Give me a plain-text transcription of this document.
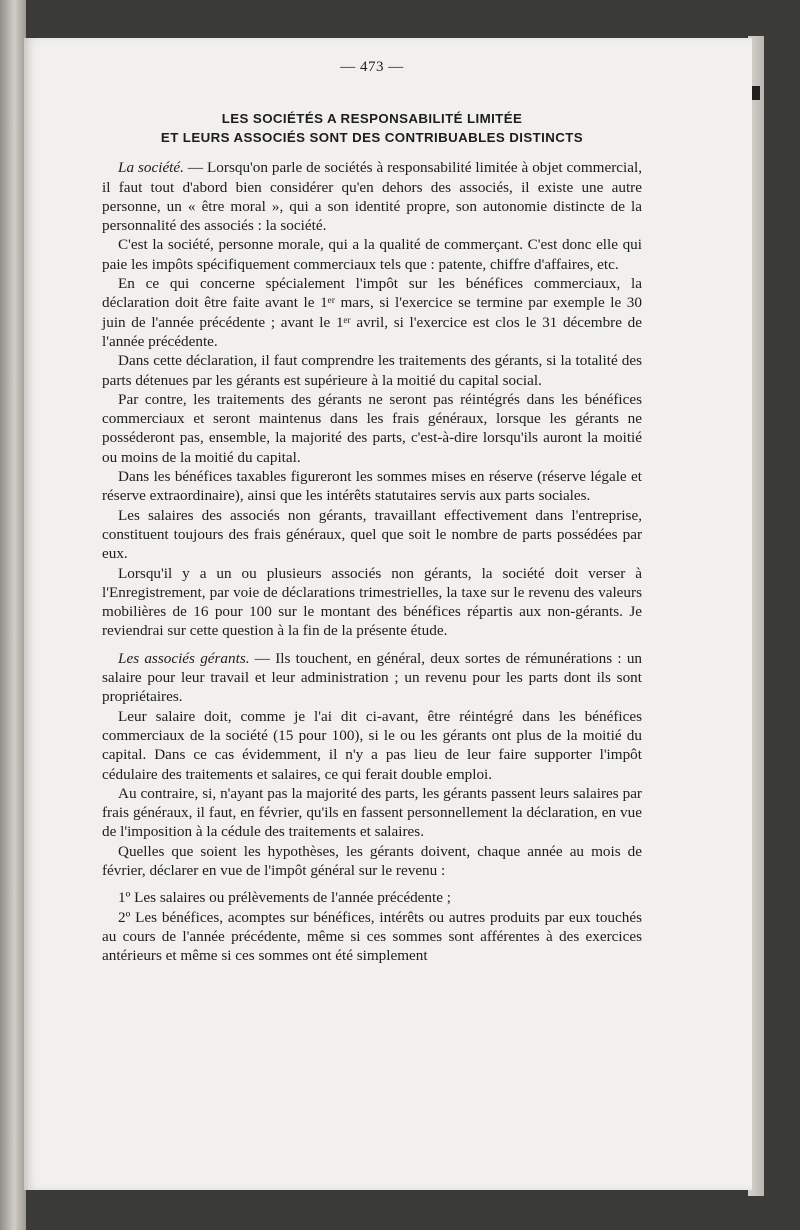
— 473 —
LES SOCIÉTÉS A RESPONSABILITÉ LIMITÉE
ET LEURS ASSOCIÉS SONT DES CONTRIBUABLES DISTINCTS

La société. — Lorsqu'on parle de sociétés à responsabilité limitée à objet commercial, il faut tout d'abord bien considérer qu'en dehors des associés, il existe une autre personne, un « être moral », qui a son identité propre, son autonomie distincte de la personnalité des associés : la société.

C'est la société, personne morale, qui a la qualité de commerçant. C'est donc elle qui paie les impôts spécifiquement commerciaux tels que : patente, chiffre d'affaires, etc.

En ce qui concerne spécialement l'impôt sur les bénéfices commerciaux, la déclaration doit être faite avant le 1ᵉʳ mars, si l'exercice se termine par exemple le 30 juin de l'année précédente ; avant le 1ᵉʳ avril, si l'exercice est clos le 31 décembre de l'année précédente.

Dans cette déclaration, il faut comprendre les traitements des gérants, si la totalité des parts détenues par les gérants est supérieure à la moitié du capital social.

Par contre, les traitements des gérants ne seront pas réintégrés dans les bénéfices commerciaux et seront maintenus dans les frais généraux, lorsque les gérants ne posséderont pas, ensemble, la majorité des parts, c'est-à-dire lorsqu'ils auront la moitié ou moins de la moitié du capital.

Dans les bénéfices taxables figureront les sommes mises en réserve (réserve légale et réserve extraordinaire), ainsi que les intérêts statutaires servis aux parts sociales.

Les salaires des associés non gérants, travaillant effectivement dans l'entreprise, constituent toujours des frais généraux, quel que soit le nombre de parts possédées par eux.

Lorsqu'il y a un ou plusieurs associés non gérants, la société doit verser à l'Enregistrement, par voie de déclarations trimestrielles, la taxe sur le revenu des valeurs mobilières de 16 pour 100 sur le montant des bénéfices répartis aux non-gérants. Je reviendrai sur cette question à la fin de la présente étude.

Les associés gérants. — Ils touchent, en général, deux sortes de rémunérations : un salaire pour leur travail et leur administration ; un revenu pour les parts dont ils sont propriétaires.

Leur salaire doit, comme je l'ai dit ci-avant, être réintégré dans les bénéfices commerciaux de la société (15 pour 100), si le ou les gérants ont plus de la moitié du capital. Dans ce cas évidemment, il n'y a pas lieu de leur faire supporter l'impôt cédulaire des traitements et salaires, ce qui ferait double emploi.

Au contraire, si, n'ayant pas la majorité des parts, les gérants passent leurs salaires par frais généraux, il faut, en février, qu'ils en fassent personnellement la déclaration, en vue de l'imposition à la cédule des traitements et salaires.

Quelles que soient les hypothèses, les gérants doivent, chaque année au mois de février, déclarer en vue de l'impôt général sur le revenu :

1º Les salaires ou prélèvements de l'année précédente ;

2º Les bénéfices, acomptes sur bénéfices, intérêts ou autres produits par eux touchés au cours de l'année précédente, même si ces sommes sont afférentes à des exercices antérieurs et même si ces sommes ont été simplement
